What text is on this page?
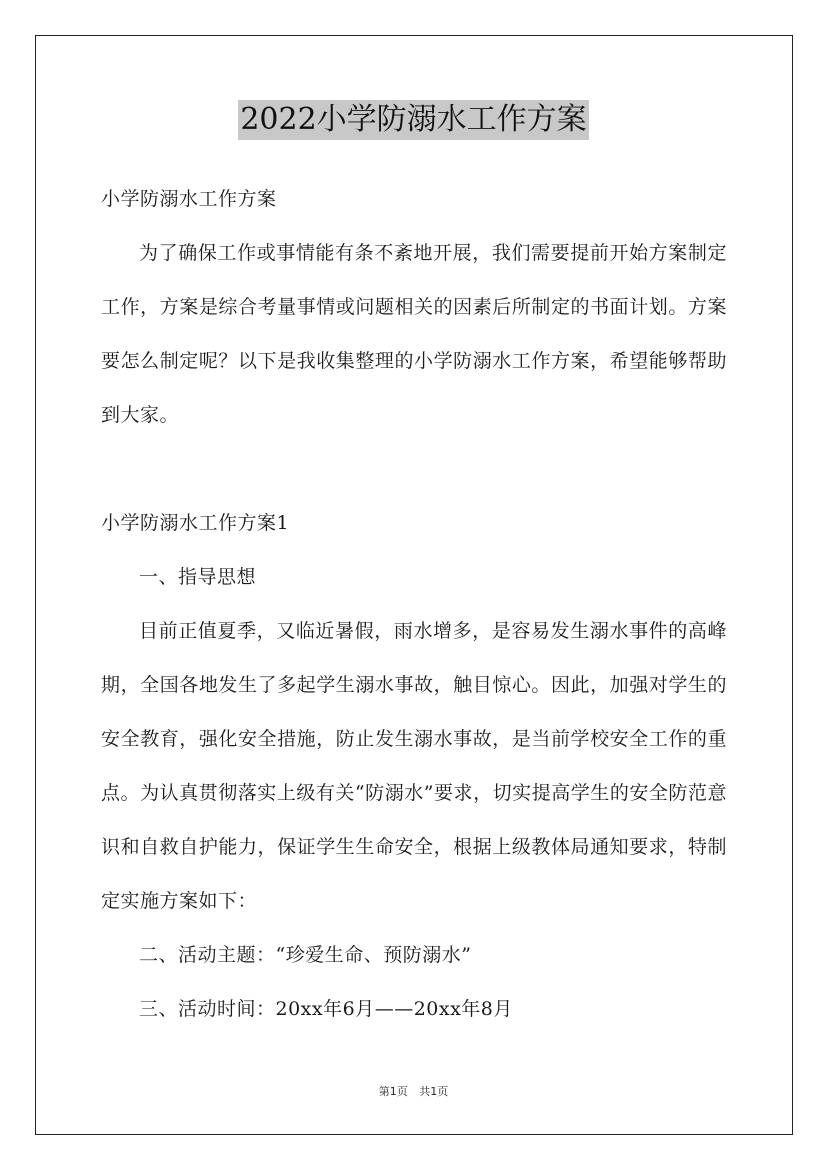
2022小学防溺水工作方案

小学防溺水工作方案

为了确保工作或事情能有条不紊地开展，我们需要提前开始方案制定工作，方案是综合考量事情或问题相关的因素后所制定的书面计划。方案要怎么制定呢？以下是我收集整理的小学防溺水工作方案，希望能够帮助到大家。

小学防溺水工作方案1

一、指导思想

目前正值夏季，又临近暑假，雨水增多，是容易发生溺水事件的高峰期，全国各地发生了多起学生溺水事故，触目惊心。因此，加强对学生的安全教育，强化安全措施，防止发生溺水事故，是当前学校安全工作的重点。为认真贯彻落实上级有关“防溺水”要求，切实提高学生的安全防范意识和自救自护能力，保证学生生命安全，根据上级教体局通知要求，特制定实施方案如下：

二、活动主题：“珍爱生命、预防溺水”

三、活动时间：20xx年6月——20xx年8月

第1页 共1页
